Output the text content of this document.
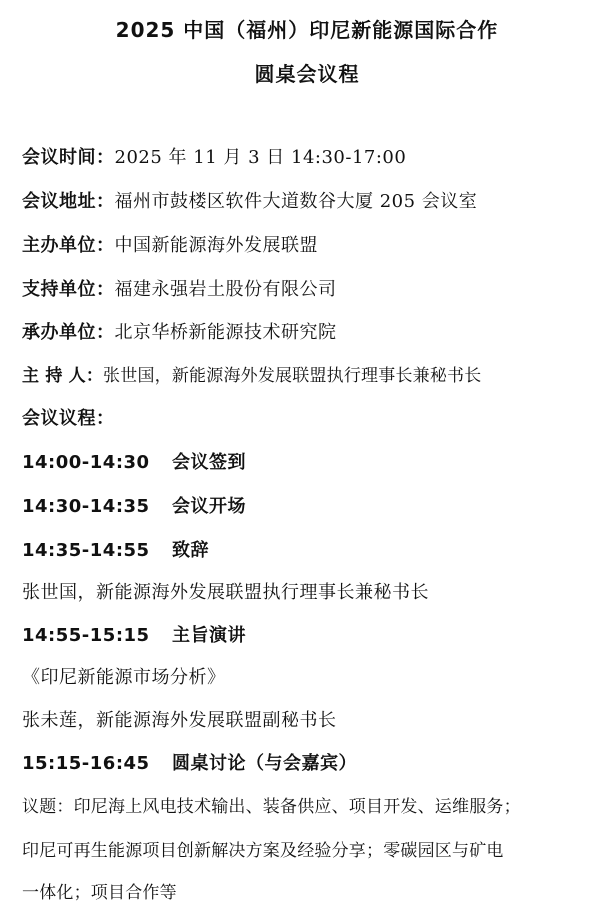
2025 中国（福州）印尼新能源国际合作
圆桌会议程
会议时间：2025 年 11 月 3 日 14:30-17:00
会议地址：福州市鼓楼区软件大道数谷大厦 205 会议室
主办单位：中国新能源海外发展联盟
支持单位：福建永强岩土股份有限公司
承办单位：北京华桥新能源技术研究院
主 持 人：张世国，新能源海外发展联盟执行理事长兼秘书长
会议议程：
14:00-14:30 会议签到
14:30-14:35 会议开场
14:35-14:55 致辞
张世国，新能源海外发展联盟执行理事长兼秘书长
14:55-15:15 主旨演讲
《印尼新能源市场分析》
张未莲，新能源海外发展联盟副秘书长
15:15-16:45 圆桌讨论（与会嘉宾）
议题：印尼海上风电技术输出、装备供应、项目开发、运维服务；
印尼可再生能源项目创新解决方案及经验分享；零碳园区与矿电
一体化；项目合作等
